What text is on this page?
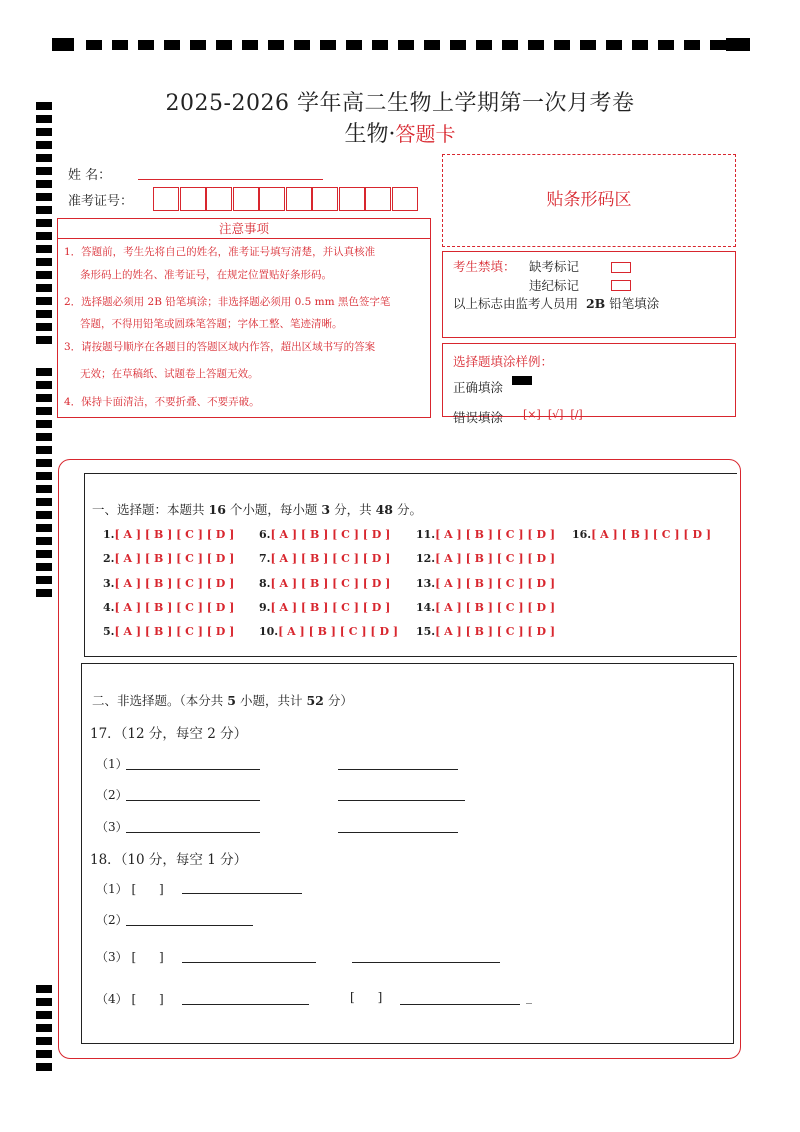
2025-2026 学年高二生物上学期第一次月考卷
生物·答题卡
姓 名：
准考证号：	贴条形码区
注意事项
1．答题前，考生先将自己的姓名，准考证号填写清楚，并认真核准
条形码上的姓名、准考证号，在规定位置贴好条形码。
2．选择题必须用 2B 铅笔填涂；非选择题必须用 0.5 mm 黑色签字笔
答题，不得用铅笔或圆珠笔答题；字体工整、笔迹清晰。
3．请按题号顺序在各题目的答题区域内作答，超出区域书写的答案
无效；在草稿纸、试题卷上答题无效。
4．保持卡面清洁，不要折叠、不要弄破。
考生禁填： 缺考标记
违纪标记
以上标志由监考人员用 2B 铅笔填涂
选择题填涂样例：
正确填涂
错误填涂 [×] [√] [/]
一、选择题：本题共 16 个小题，每小题 3 分，共 48 分。
1.[ A ] [ B ] [ C ] [ D ]
2.[ A ] [ B ] [ C ] [ D ]
3.[ A ] [ B ] [ C ] [ D ]
4.[ A ] [ B ] [ C ] [ D ]
5.[ A ] [ B ] [ C ] [ D ]
6.[ A ] [ B ] [ C ] [ D ]
7.[ A ] [ B ] [ C ] [ D ]
8.[ A ] [ B ] [ C ] [ D ]
9.[ A ] [ B ] [ C ] [ D ]
10.[ A ] [ B ] [ C ] [ D ]
11.[ A ] [ B ] [ C ] [ D ]
12.[ A ] [ B ] [ C ] [ D ]
13.[ A ] [ B ] [ C ] [ D ]
14.[ A ] [ B ] [ C ] [ D ]
15.[ A ] [ B ] [ C ] [ D ]
16.[ A ] [ B ] [ C ] [ D ]
二、非选择题。（本分共 5 小题，共计 52 分）
17．（12 分，每空 2 分）
（1）
（2）
（3）
18．（10 分，每空 1 分）
（1） [ ]
（2）
（3） [ ]
（4） [ ]	[ ]	_
